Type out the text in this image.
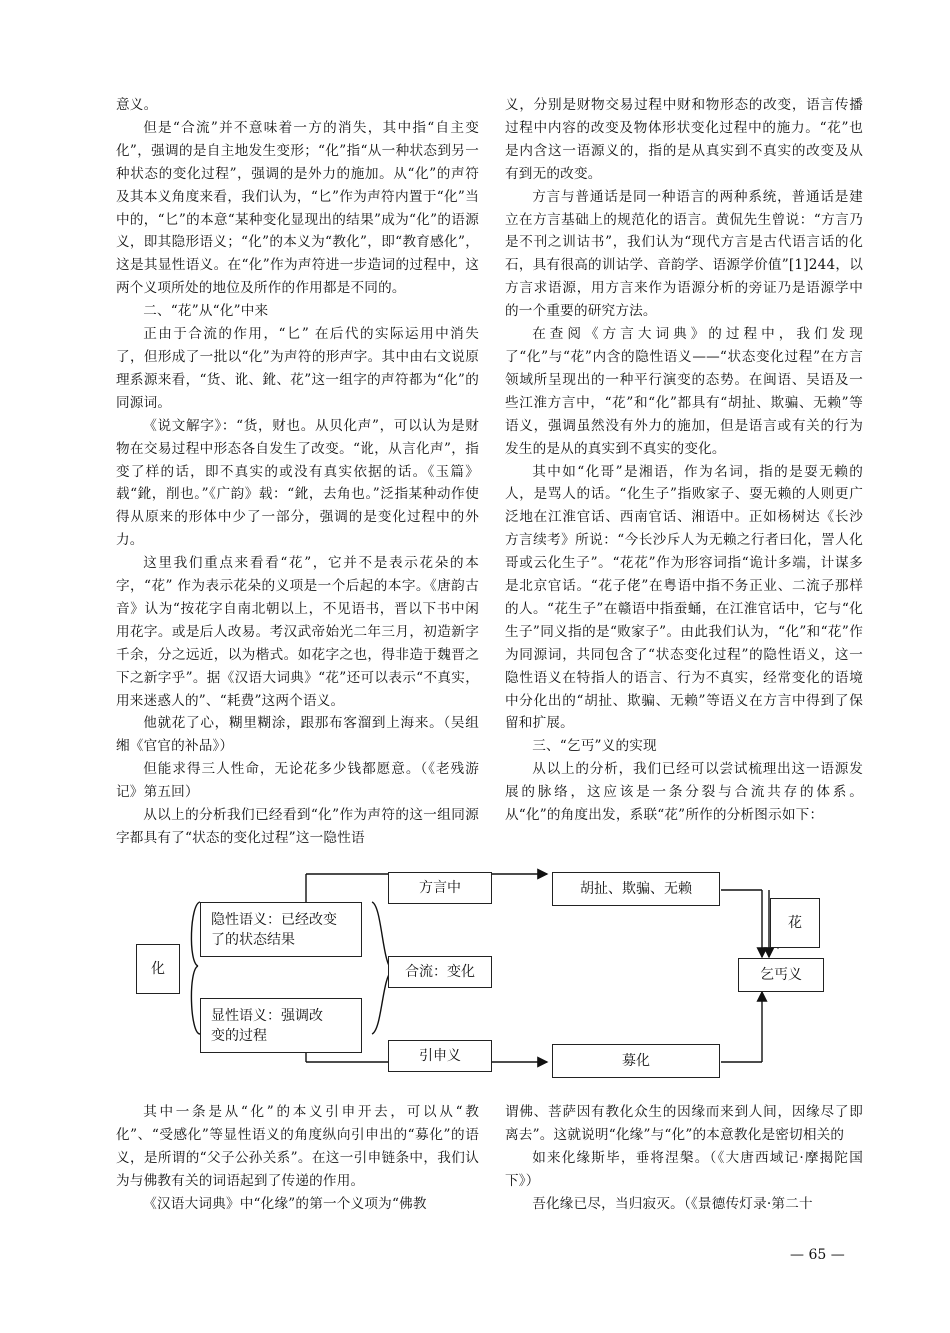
意义。

但是“合流”并不意味着一方的消失，其中指“自主变化”，强调的是自主地发生变形；“化”指“从一种状态到另一种状态的变化过程”，强调的是外力的施加。从“化”的声符及其本义角度来看，我们认为，“匕”作为声符内置于“化”当中的，“匕”的本意“某种变化显现出的结果”成为“化”的语源义，即其隐形语义；“化”的本义为“教化”，即“教育感化”，这是其显性语义。在“化”作为声符进一步造词的过程中，这两个义项所处的地位及所作的作用都是不同的。

二、“花”从“化”中来

正由于合流的作用，“匕” 在后代的实际运用中消失了，但形成了一批以“化”为声符的形声字。其中由右文说原理系源来看，“货、讹、鈋、花”这一组字的声符都为“化”的同源词。

《说文解字》：“货，财也。从贝化声”，可以认为是财物在交易过程中形态各自发生了改变。“讹，从言化声”，指变了样的话，即不真实的或没有真实依据的话。《玉篇》载“鈋，削也。”《广韵》载：“鈋，去角也。”泛指某种动作使得从原来的形体中少了一部分，强调的是变化过程中的外力。

这里我们重点来看看“花”，它并不是表示花朵的本字，“花” 作为表示花朵的义项是一个后起的本字。《唐韵古音》认为“按花字自南北朝以上，不见语书，晋以下书中闲用花字。或是后人改易。考汉武帝始光二年三月，初造新字千余，分之远近，以为楷式。如花字之也，得非造于魏晋之下之新字乎”。据《汉语大词典》“花”还可以表示“不真实，用来迷惑人的”、“耗费”这两个语义。

他就花了心，糊里糊涂，跟那布客溜到上海来。（吴组缃《官官的补品》）

但能求得三人性命，无论花多少钱都愿意。（《老残游记》第五回）

从以上的分析我们已经看到“化”作为声符的这一组同源字都具有了“状态的变化过程”这一隐性语

义，分别是财物交易过程中财和物形态的改变，语言传播过程中内容的改变及物体形状变化过程中的施力。“花”也是内含这一语源义的，指的是从真实到不真实的改变及从有到无的改变。

方言与普通话是同一种语言的两种系统，普通话是建立在方言基础上的规范化的语言。黄侃先生曾说：“方言乃是不刊之训诂书”，我们认为“现代方言是古代语言话的化石，具有很高的训诂学、音韵学、语源学价值”[1]244，以方言求语源，用方言来作为语源分析的旁证乃是语源学中的一个重要的研究方法。

在查阅《方言大词典》的过程中，我们发现了“化”与“花”内含的隐性语义——“状态变化过程”在方言领域所呈现出的一种平行演变的态势。在闽语、吴语及一些江淮方言中，“花”和“化”都具有“胡扯、欺骗、无赖”等语义，强调虽然没有外力的施加，但是语言或有关的行为发生的是从的真实到不真实的变化。

其中如“化哥”是湘语，作为名词，指的是耍无赖的人，是骂人的话。“化生子”指败家子、耍无赖的人则更广泛地在江淮官话、西南官话、湘语中。正如杨树达《长沙方言续考》所说：“今长沙斥人为无赖之行者曰化，詈人化哥或云化生子”。“花花”作为形容词指“诡计多端，计谋多是北京官话。“花子佬”在粤语中指不务正业、二流子那样的人。“花生子”在赣语中指蚕蛹，在江淮官话中，它与“化生子”同义指的是“败家子”。由此我们认为，“化”和“花”作为同源词，共同包含了“状态变化过程”的隐性语义，这一隐性语义在特指人的语言、行为不真实，经常变化的语境中分化出的“胡扯、欺骗、无赖”等语义在方言中得到了保留和扩展。

三、“乞丐”义的实现

从以上的分析，我们已经可以尝试梳理出这一语源发展的脉络，这应该是一条分裂与合流共存的体系。从“化”的角度出发，系联“花”所作的分析图示如下：

化
隐性语义：已经改变
了的状态结果
显性语义：强调改
变的过程
方言中
合流：变化
引申义
胡扯、欺骗、无赖
募化
花
乞丐义

其中一条是从“化”的本义引申开去，可以从“教化”、“受感化”等显性语义的角度纵向引申出的“募化”的语义，是所谓的“父子公孙关系”。在这一引申链条中，我们认为与佛教有关的词语起到了传递的作用。

《汉语大词典》中“化缘”的第一个义项为“佛教

谓佛、菩萨因有教化众生的因缘而来到人间，因缘尽了即离去”。这就说明“化缘”与“化”的本意教化是密切相关的

如来化缘斯毕，垂将涅槃。（《大唐西域记·摩揭陀国下》）

吾化缘已尽，当归寂灭。（《景德传灯录·第二十

— 65 —
